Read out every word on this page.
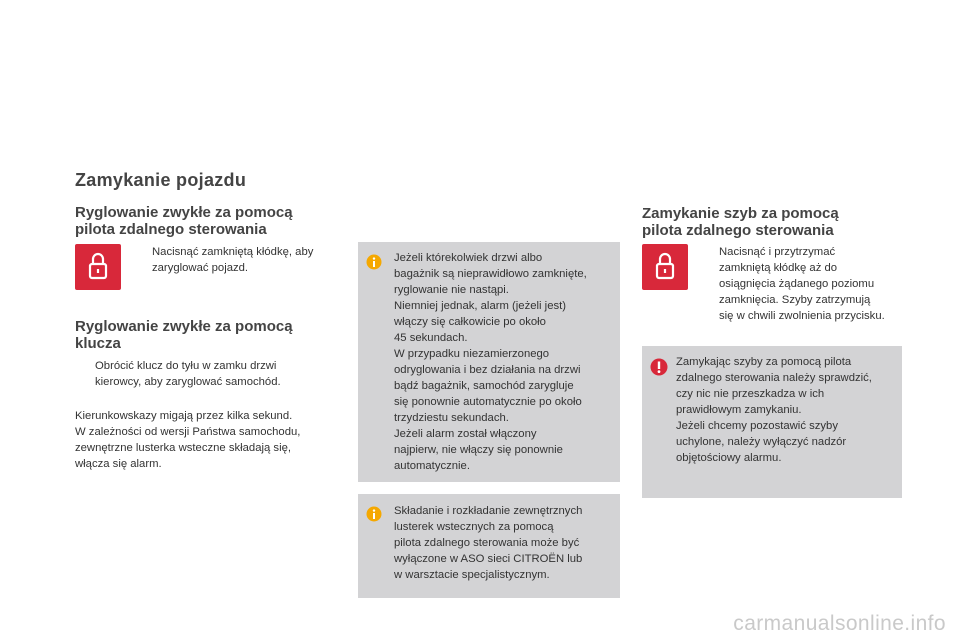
Zamykanie pojazdu
Ryglowanie zwykłe za pomocą
pilota zdalnego sterowania
Nacisnąć zamkniętą kłódkę, aby
zaryglować pojazd.
Ryglowanie zwykłe za pomocą
klucza
Obrócić klucz do tyłu w zamku drzwi
kierowcy, aby zaryglować samochód.
Kierunkowskazy migają przez kilka sekund.
W zależności od wersji Państwa samochodu,
zewnętrzne lusterka wsteczne składają się,
włącza się alarm.
Jeżeli którekolwiek drzwi albo
bagażnik są nieprawidłowo zamknięte,
ryglowanie nie nastąpi.
Niemniej jednak, alarm (jeżeli jest)
włączy się całkowicie po około
45 sekundach.
W przypadku niezamierzonego
odryglowania i bez działania na drzwi
bądź bagażnik, samochód zarygluje
się ponownie automatycznie po około
trzydziestu sekundach.
Jeżeli alarm został włączony
najpierw, nie włączy się ponownie
automatycznie.
Składanie i rozkładanie zewnętrznych
lusterek wstecznych za pomocą
pilota zdalnego sterowania może być
wyłączone w ASO sieci CITROËN lub
w warsztacie specjalistycznym.
Zamykanie szyb za pomocą
pilota zdalnego sterowania
Nacisnąć i przytrzymać
zamkniętą kłódkę aż do
osiągnięcia żądanego poziomu
zamknięcia. Szyby zatrzymują
się w chwili zwolnienia przycisku.
Zamykając szyby za pomocą pilota
zdalnego sterowania należy sprawdzić,
czy nic nie przeszkadza w ich
prawidłowym zamykaniu.
Jeżeli chcemy pozostawić szyby
uchylone, należy wyłączyć nadzór
objętościowy alarmu.
carmanualsonline.info
